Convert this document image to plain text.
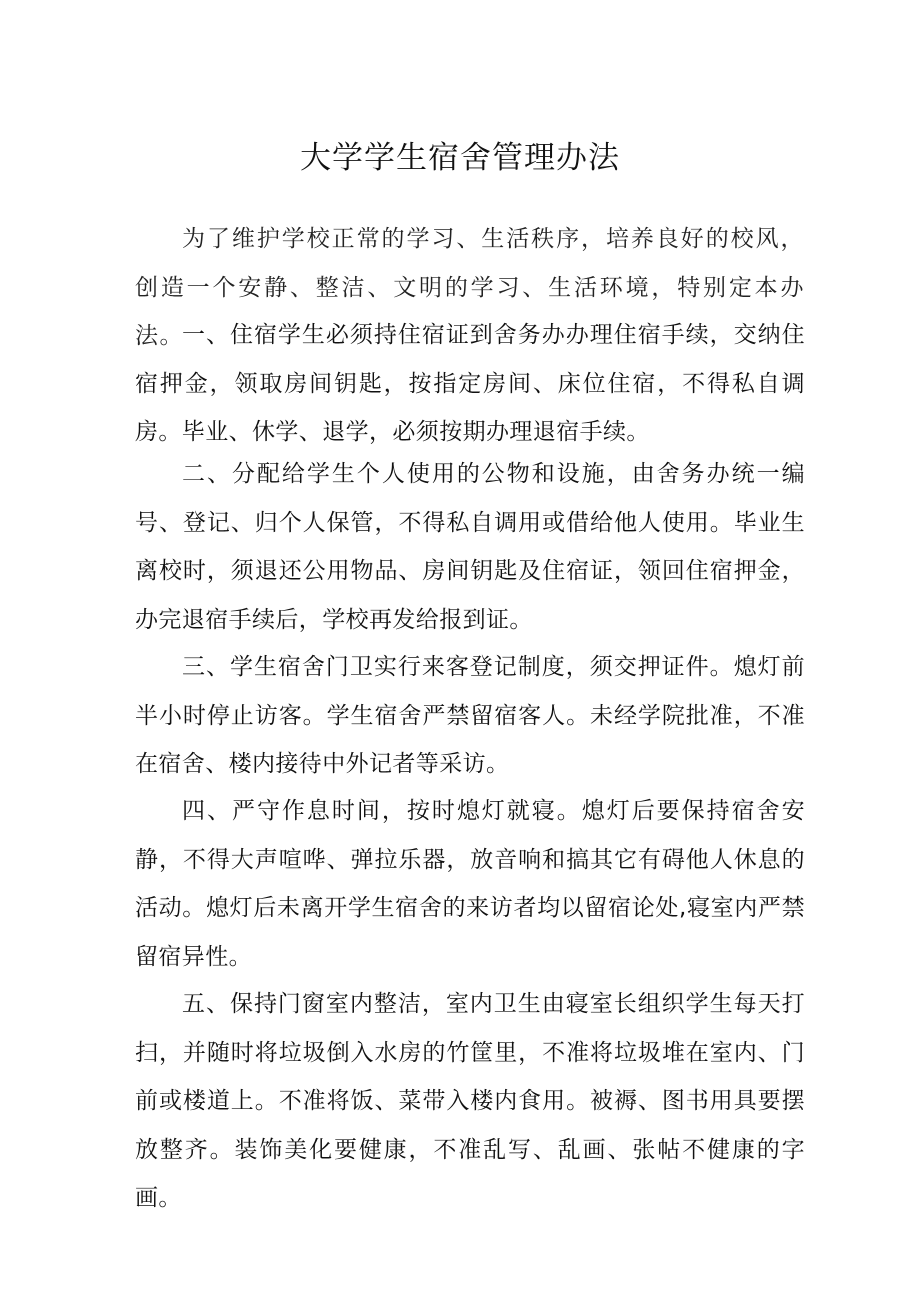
大学学生宿舍管理办法

为了维护学校正常的学习、生活秩序，培养良好的校风，创造一个安静、整洁、文明的学习、生活环境，特别定本办法。

一、住宿学生必须持住宿证到舍务办办理住宿手续，交纳住宿押金，领取房间钥匙，按指定房间、床位住宿，不得私自调房。毕业、休学、退学，必须按期办理退宿手续。

二、分配给学生个人使用的公物和设施，由舍务办统一编号、登记、归个人保管，不得私自调用或借给他人使用。毕业生离校时，须退还公用物品、房间钥匙及住宿证，领回住宿押金，办完退宿手续后，学校再发给报到证。

三、学生宿舍门卫实行来客登记制度，须交押证件。熄灯前半小时停止访客。学生宿舍严禁留宿客人。未经学院批准，不准在宿舍、楼内接待中外记者等采访。

四、严守作息时间，按时熄灯就寝。熄灯后要保持宿舍安静，不得大声喧哗、弹拉乐器，放音响和搞其它有碍他人休息的活动。熄灯后未离开学生宿舍的来访者均以留宿论处,寝室内严禁留宿异性。

五、保持门窗室内整洁，室内卫生由寝室长组织学生每天打扫，并随时将垃圾倒入水房的竹筐里，不准将垃圾堆在室内、门前或楼道上。不准将饭、菜带入楼内食用。被褥、图书用具要摆放整齐。装饰美化要健康，不准乱写、乱画、张帖不健康的字画。
